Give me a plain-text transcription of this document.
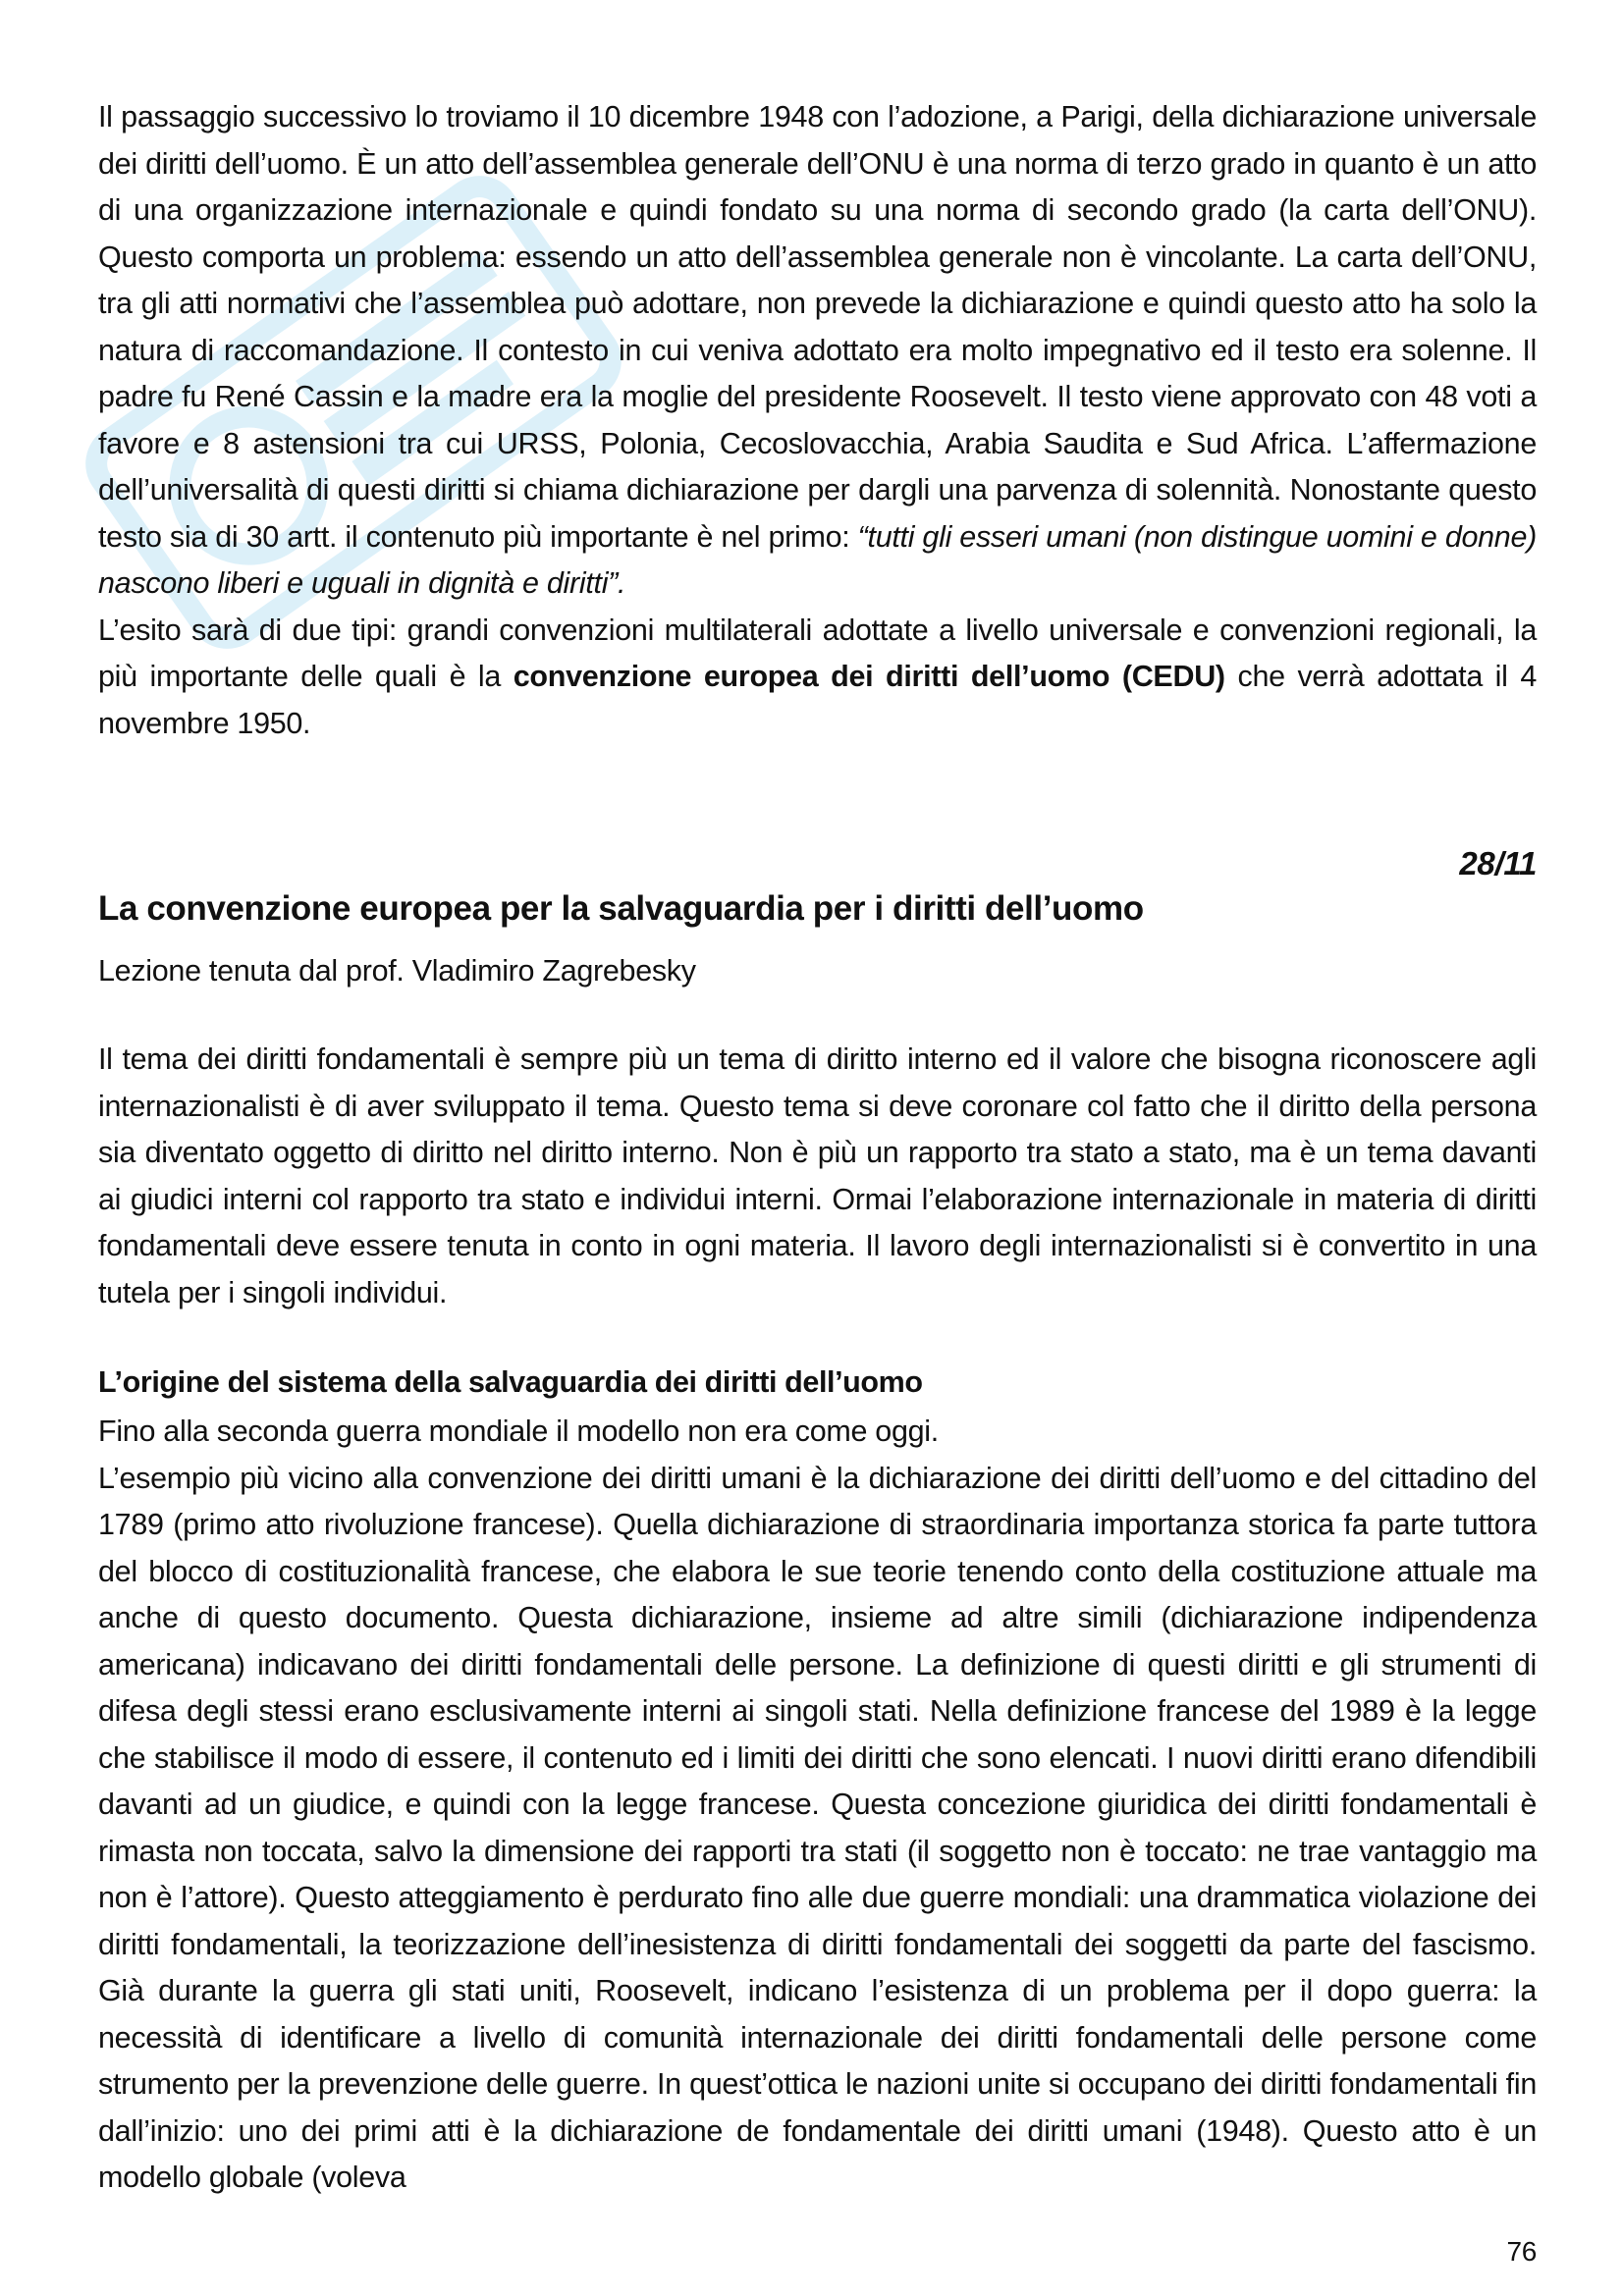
Il passaggio successivo lo troviamo il 10 dicembre 1948 con l’adozione, a Parigi, della dichiarazione universale dei diritti dell’uomo. È un atto dell’assemblea generale dell’ONU è una norma di terzo grado in quanto è un atto di una organizzazione internazionale e quindi fondato su una norma di secondo grado (la carta dell’ONU). Questo comporta un problema: essendo un atto dell’assemblea generale non è vincolante. La carta dell’ONU, tra gli atti normativi che l’assemblea può adottare, non prevede la dichiarazione e quindi questo atto ha solo la natura di raccomandazione. Il contesto in cui veniva adottato era molto impegnativo ed il testo era solenne. Il padre fu René Cassin e la madre era la moglie del presidente Roosevelt. Il testo viene approvato con 48 voti a favore e 8 astensioni tra cui URSS, Polonia, Cecoslovacchia, Arabia Saudita e Sud Africa. L’affermazione dell’universalità di questi diritti si chiama dichiarazione per dargli una parvenza di solennità. Nonostante questo testo sia di 30 artt. il contenuto più importante è nel primo: “tutti gli esseri umani (non distingue uomini e donne) nascono liberi e uguali in dignità e diritti”.

L’esito sarà di due tipi: grandi convenzioni multilaterali adottate a livello universale e convenzioni regionali, la più importante delle quali è la convenzione europea dei diritti dell’uomo (CEDU) che verrà adottata il 4 novembre 1950.

28/11

La convenzione europea per la salvaguardia per i diritti dell’uomo

Lezione tenuta dal prof. Vladimiro Zagrebesky

Il tema dei diritti fondamentali è sempre più un tema di diritto interno ed il valore che bisogna riconoscere agli internazionalisti è di aver sviluppato il tema. Questo tema si deve coronare col fatto che il diritto della persona sia diventato oggetto di diritto nel diritto interno. Non è più un rapporto tra stato a stato, ma è un tema davanti ai giudici interni col rapporto tra stato e individui interni. Ormai l’elaborazione internazionale in materia di diritti fondamentali deve essere tenuta in conto in ogni materia. Il lavoro degli internazionalisti si è convertito in una tutela per i singoli individui.

L’origine del sistema della salvaguardia dei diritti dell’uomo

Fino alla seconda guerra mondiale il modello non era come oggi.

L’esempio più vicino alla convenzione dei diritti umani è la dichiarazione dei diritti dell’uomo e del cittadino del 1789 (primo atto rivoluzione francese). Quella dichiarazione di straordinaria importanza storica fa parte tuttora del blocco di costituzionalità francese, che elabora le sue teorie tenendo conto della costituzione attuale ma anche di questo documento. Questa dichiarazione, insieme ad altre simili (dichiarazione indipendenza americana) indicavano dei diritti fondamentali delle persone. La definizione di questi diritti e gli strumenti di difesa degli stessi erano esclusivamente interni ai singoli stati. Nella definizione francese del 1989 è la legge che stabilisce il modo di essere, il contenuto ed i limiti dei diritti che sono elencati. I nuovi diritti erano difendibili davanti ad un giudice, e quindi con la legge francese. Questa concezione giuridica dei diritti fondamentali è rimasta non toccata, salvo la dimensione dei rapporti tra stati (il soggetto non è toccato: ne trae vantaggio ma non è l’attore). Questo atteggiamento è perdurato fino alle due guerre mondiali: una drammatica violazione dei diritti fondamentali, la teorizzazione dell’inesistenza di diritti fondamentali dei soggetti da parte del fascismo. Già durante la guerra gli stati uniti, Roosevelt, indicano l’esistenza di un problema per il dopo guerra: la necessità di identificare a livello di comunità internazionale dei diritti fondamentali delle persone come strumento per la prevenzione delle guerre. In quest’ottica le nazioni unite si occupano dei diritti fondamentali fin dall’inizio: uno dei primi atti è la dichiarazione de fondamentale dei diritti umani (1948). Questo atto è un modello globale (voleva

76
